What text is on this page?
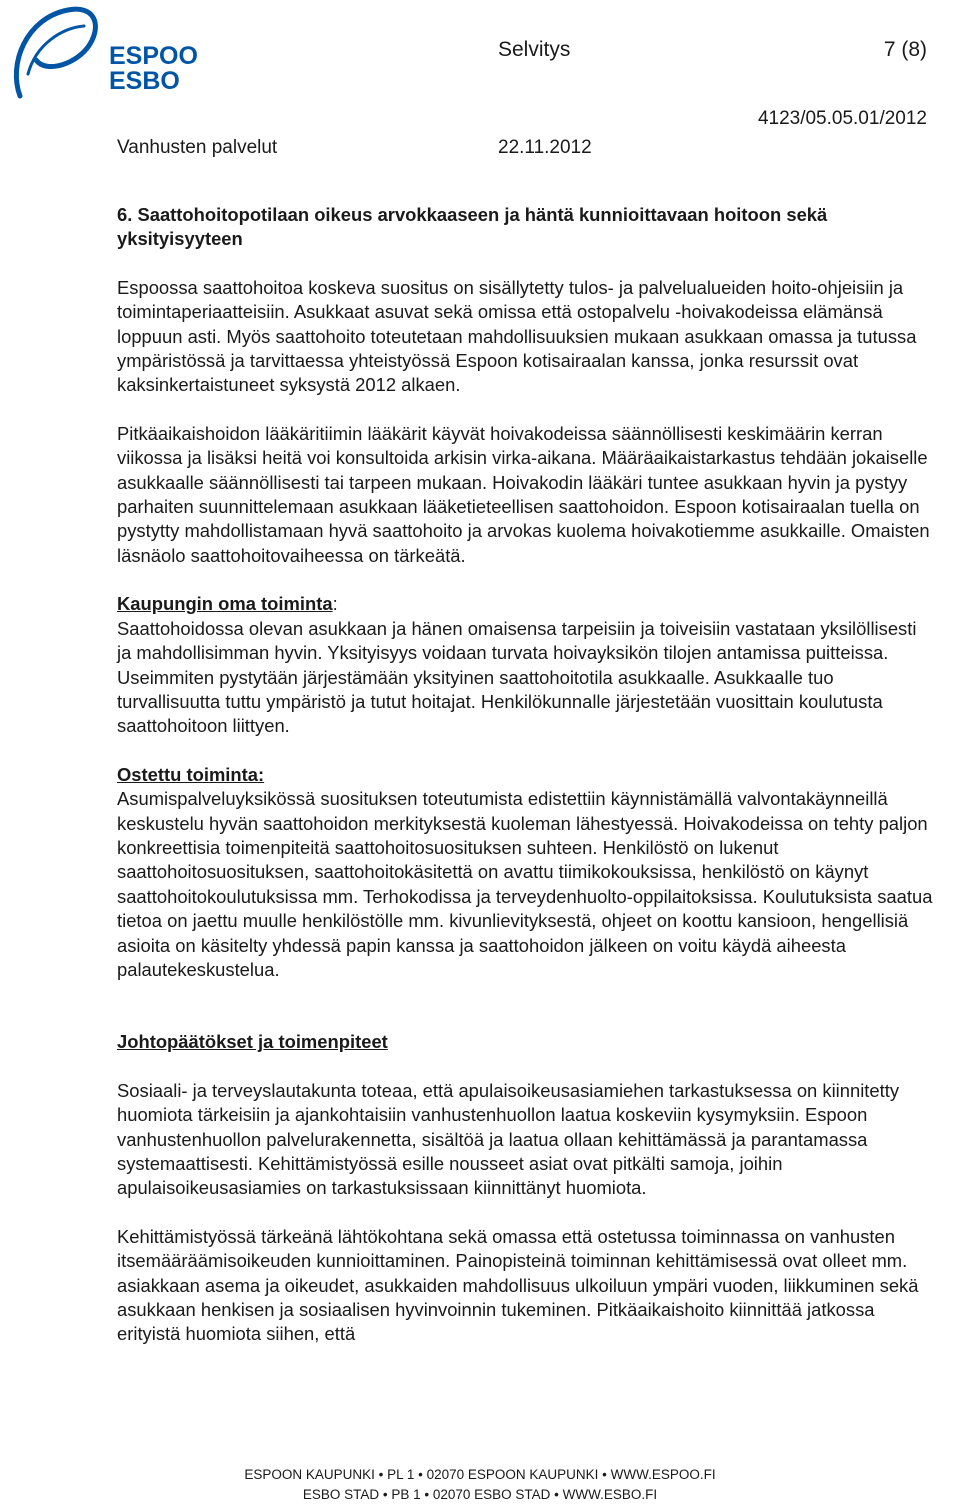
ESPOO
ESBO
Selvitys	7 (8)
4123/05.05.01/2012
Vanhusten palvelut	22.11.2012

6. Saattohoitopotilaan oikeus arvokkaaseen ja häntä kunnioittavaan hoitoon sekä yksityisyyteen

Espoossa saattohoitoa koskeva suositus on sisällytetty tulos- ja palvelualueiden hoito-ohjeisiin ja toimintaperiaatteisiin. Asukkaat asuvat sekä omissa että ostopalvelu -hoivakodeissa elämänsä loppuun asti. Myös saattohoito toteutetaan mahdollisuuksien mukaan asukkaan omassa ja tutussa ympäristössä ja tarvittaessa yhteistyössä Espoon kotisairaalan kanssa, jonka resurssit ovat kaksinkertaistuneet syksystä 2012 alkaen.

Pitkäaikaishoidon lääkäritiimin lääkärit käyvät hoivakodeissa säännöllisesti keskimäärin kerran viikossa ja lisäksi heitä voi konsultoida arkisin virka-aikana. Määräaikaistarkastus tehdään jokaiselle asukkaalle säännöllisesti tai tarpeen mukaan. Hoivakodin lääkäri tuntee asukkaan hyvin ja pystyy parhaiten suunnittelemaan asukkaan lääketieteellisen saattohoidon. Espoon kotisairaalan tuella on pystytty mahdollistamaan hyvä saattohoito ja arvokas kuolema hoivakotiemme asukkaille. Omaisten läsnäolo saattohoitovaiheessa on tärkeätä.

Kaupungin oma toiminta:

Saattohoidossa olevan asukkaan ja hänen omaisensa tarpeisiin ja toiveisiin vastataan yksilöllisesti ja mahdollisimman hyvin. Yksityisyys voidaan turvata hoivayksikön tilojen antamissa puitteissa. Useimmiten pystytään järjestämään yksityinen saattohoitotila asukkaalle. Asukkaalle tuo turvallisuutta tuttu ympäristö ja tutut hoitajat. Henkilökunnalle järjestetään vuosittain koulutusta saattohoitoon liittyen.

Ostettu toiminta:

Asumispalveluyksikössä suosituksen toteutumista edistettiin käynnistämällä valvontakäynneillä keskustelu hyvän saattohoidon merkityksestä kuoleman lähestyessä. Hoivakodeissa on tehty paljon konkreettisia toimenpiteitä saattohoitosuosituksen suhteen. Henkilöstö on lukenut saattohoitosuosituksen, saattohoitokäsitettä on avattu tiimikokouksissa, henkilöstö on käynyt saattohoitokoulutuksissa mm. Terhokodissa ja terveydenhuolto-oppilaitoksissa. Koulutuksista saatua tietoa on jaettu muulle henkilöstölle mm. kivunlievityksestä, ohjeet on koottu kansioon, hengellisiä asioita on käsitelty yhdessä papin kanssa ja saattohoidon jälkeen on voitu käydä aiheesta palautekeskustelua.

Johtopäätökset ja toimenpiteet

Sosiaali- ja terveyslautakunta toteaa, että apulaisoikeusasiamiehen tarkastuksessa on kiinnitetty huomiota tärkeisiin ja ajankohtaisiin vanhustenhuollon laatua koskeviin kysymyksiin. Espoon vanhustenhuollon palvelurakennetta, sisältöä ja laatua ollaan kehittämässä ja parantamassa systemaattisesti. Kehittämistyössä esille nousseet asiat ovat pitkälti samoja, joihin apulaisoikeusasiamies on tarkastuksissaan kiinnittänyt huomiota.

Kehittämistyössä tärkeänä lähtökohtana sekä omassa että ostetussa toiminnassa on vanhusten itsemääräämisoikeuden kunnioittaminen. Painopisteinä toiminnan kehittämisessä ovat olleet mm. asiakkaan asema ja oikeudet, asukkaiden mahdollisuus ulkoiluun ympäri vuoden, liikkuminen sekä asukkaan henkisen ja sosiaalisen hyvinvoinnin tukeminen. Pitkäaikaishoito kiinnittää jatkossa erityistä huomiota siihen, että

ESPOON KAUPUNKI • PL 1 • 02070 ESPOON KAUPUNKI • WWW.ESPOO.FI
ESBO STAD • PB 1 • 02070 ESBO STAD • WWW.ESBO.FI
